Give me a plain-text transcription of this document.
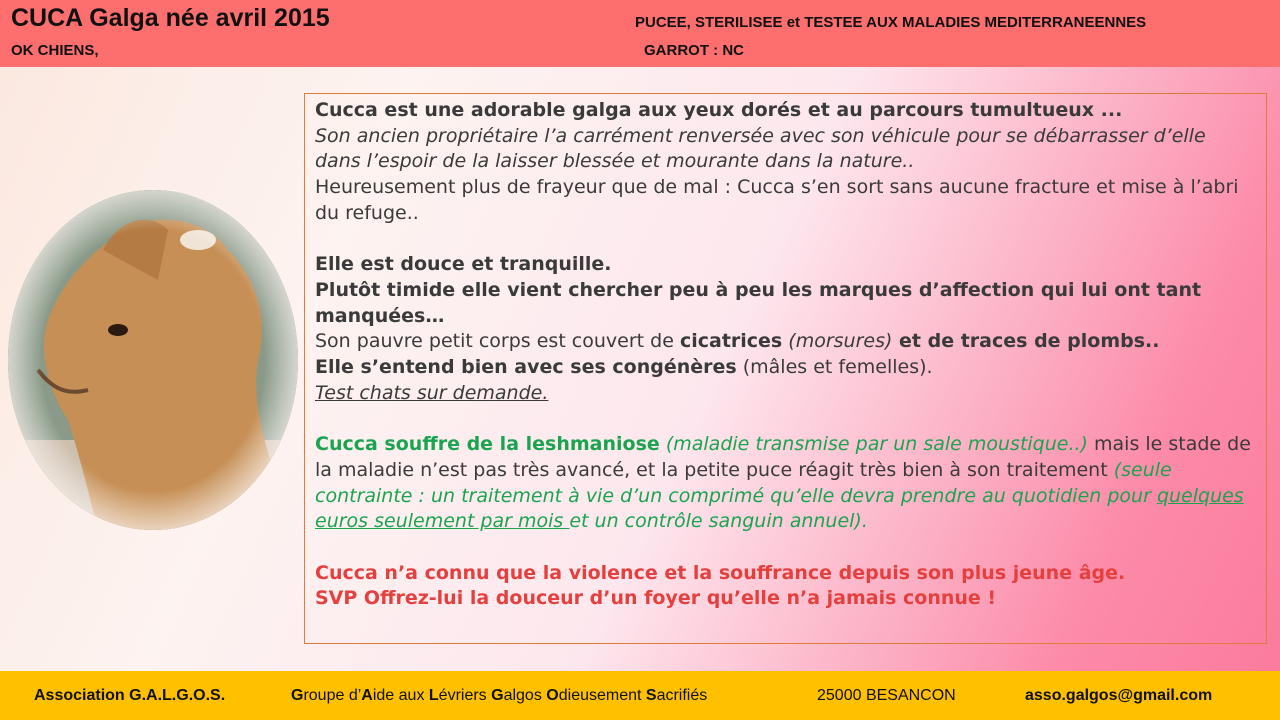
CUCA Galga née avril 2015
OK CHIENS,
PUCEE, STERILISEE et TESTEE AUX MALADIES MEDITERRANEENNES
GARROT : NC

Cucca est une adorable galga aux yeux dorés et au parcours tumultueux ...

Son ancien propriétaire l’a carrément renversée avec son véhicule pour se débarrasser d’elle dans l’espoir de la laisser blessée et mourante dans la nature..

Heureusement plus de frayeur que de mal : Cucca s’en sort sans aucune fracture et mise à l’abri du refuge..

Elle est douce et tranquille.

Plutôt timide elle vient chercher peu à peu les marques d’affection qui lui ont tant manquées…

Son pauvre petit corps est couvert de cicatrices (morsures) et de traces de plombs..

Elle s’entend bien avec ses congénères (mâles et femelles).

Test chats sur demande.

Cucca souffre de la leshmaniose (maladie transmise par un sale moustique..) mais le stade de la maladie n’est pas très avancé, et la petite puce réagit très bien à son traitement (seule contrainte : un traitement à vie d’un comprimé qu’elle devra prendre au quotidien pour quelques euros seulement par mois et un contrôle sanguin annuel).

Cucca n’a connu que la violence et la souffrance depuis son plus jeune âge.

SVP Offrez-lui la douceur d’un foyer qu’elle n’a jamais connue !

Association G.A.L.G.O.S.	Groupe d’Aide aux Lévriers Galgos Odieusement Sacrifiés	25000 BESANCON	asso.galgos@gmail.com
